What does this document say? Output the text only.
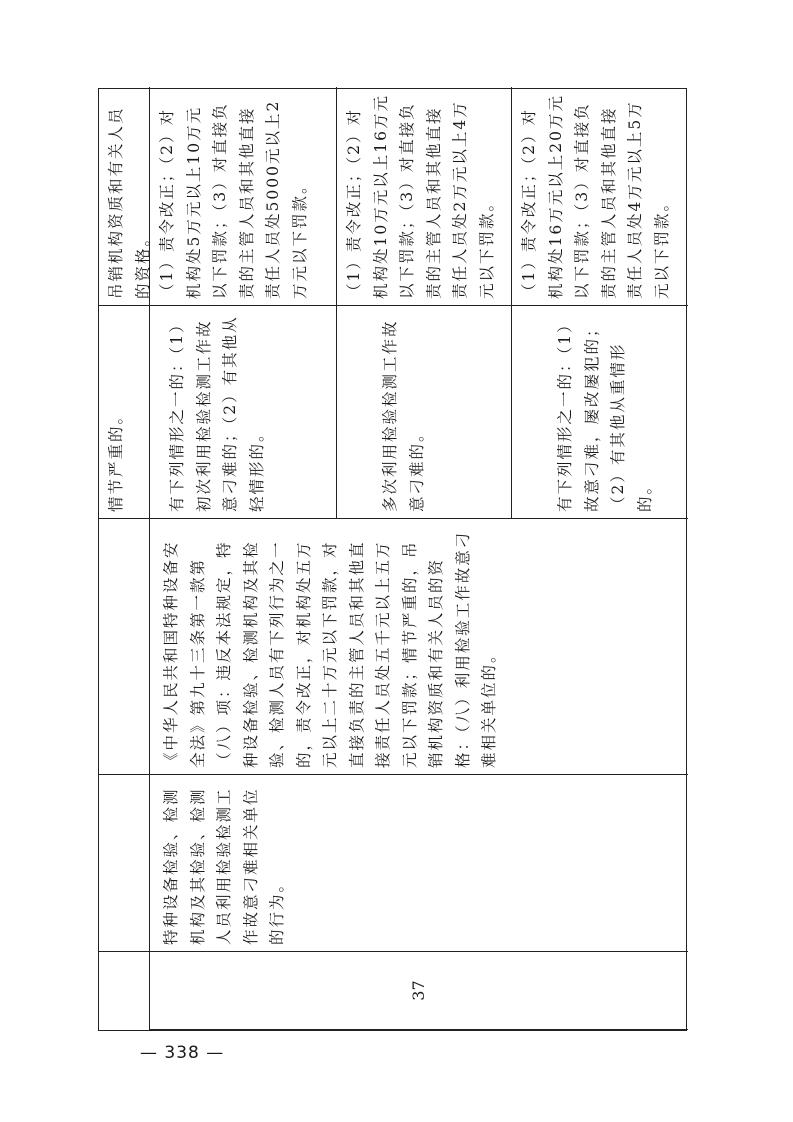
情节严重的。
吊销机构资质和有关人员的资格。
37
特种设备检验、检测机构及其检验、检测人员利用检验检测工作故意刁难相关单位的行为。
《中华人民共和国特种设备安全法》第九十三条第一款第（八）项：违反本法规定，特种设备检验、检测机构及其检验、检测人员有下列行为之一的，责令改正，对机构处五万元以上二十万元以下罚款，对直接负责的主管人员和其他直接责任人员处五千元以上五万元以下罚款；情节严重的，吊销机构资质和有关人员的资格：（八）利用检验工作故意刁难相关单位的。
有下列情形之一的：（1）初次利用检验检测工作故意刁难的；（2）有其他从轻情形的。
（1）责令改正；（2）对机构处5万元以上10万元以下罚款；（3）对直接负责的主管人员和其他直接责任人员处5000元以上2万元以下罚款。
多次利用检验检测工作故意刁难的。
（1）责令改正；（2）对机构处10万元以上16万元以下罚款；（3）对直接负责的主管人员和其他直接责任人员处2万元以上4万元以下罚款。
有下列情形之一的：（1）故意刁难，屡改屡犯的；（2）有其他从重情形的。
（1）责令改正；（2）对机构处16万元以上20万元以下罚款；（3）对直接负责的主管人员和其他直接责任人员处4万元以上5万元以下罚款。
— 338 —
